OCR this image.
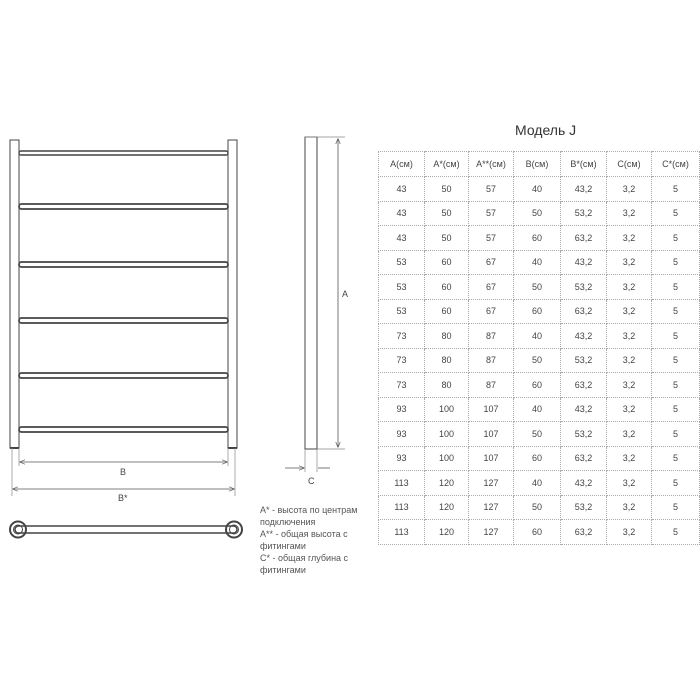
B
B*
A
C
A* - высота по центрам
подключения
A** - общая высота с
фитингами
C* - общая глубина с
фитингами
Модель J
A(см)	A*(см)	A**(см)	B(см)	B*(см)	C(см)	C*(см)
43	50	57	40	43,2	3,2	5
43	50	57	50	53,2	3,2	5
43	50	57	60	63,2	3,2	5
53	60	67	40	43,2	3,2	5
53	60	67	50	53,2	3,2	5
53	60	67	60	63,2	3,2	5
73	80	87	40	43,2	3,2	5
73	80	87	50	53,2	3,2	5
73	80	87	60	63,2	3,2	5
93	100	107	40	43,2	3,2	5
93	100	107	50	53,2	3,2	5
93	100	107	60	63,2	3,2	5
113	120	127	40	43,2	3,2	5
113	120	127	50	53,2	3,2	5
113	120	127	60	63,2	3,2	5
